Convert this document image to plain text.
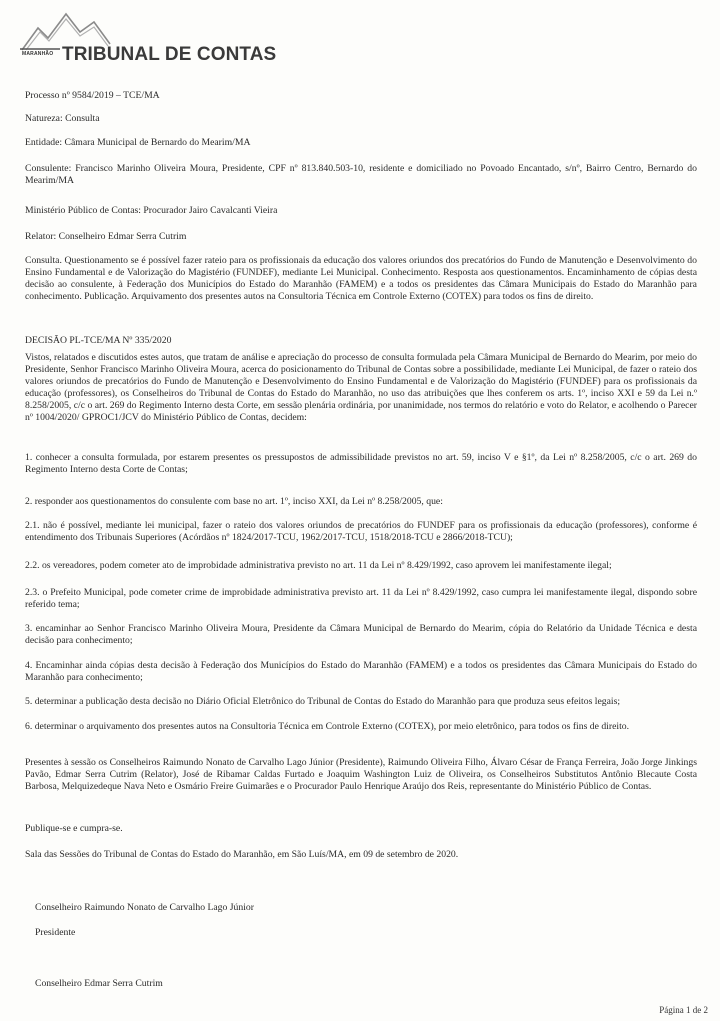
MARANHÃO TRIBUNAL DE CONTAS

Processo nº 9584/2019 – TCE/MA

Natureza: Consulta

Entidade: Câmara Municipal de Bernardo do Mearim/MA

Consulente: Francisco Marinho Oliveira Moura, Presidente, CPF nº 813.840.503-10, residente e domiciliado no Povoado Encantado, s/nº, Bairro Centro, Bernardo do Mearim/MA

Ministério Público de Contas: Procurador Jairo Cavalcanti Vieira

Relator: Conselheiro Edmar Serra Cutrim

Consulta. Questionamento se é possível fazer rateio para os profissionais da educação dos valores oriundos dos precatórios do Fundo de Manutenção e Desenvolvimento do Ensino Fundamental e de Valorização do Magistério (FUNDEF), mediante Lei Municipal. Conhecimento. Resposta aos questionamentos. Encaminhamento de cópias desta decisão ao consulente, à Federação dos Municípios do Estado do Maranhão (FAMEM) e a todos os presidentes das Câmara Municipais do Estado do Maranhão para conhecimento. Publicação. Arquivamento dos presentes autos na Consultoria Técnica em Controle Externo (COTEX) para todos os fins de direito.

DECISÃO PL-TCE/MA Nº 335/2020

Vistos, relatados e discutidos estes autos, que tratam de análise e apreciação do processo de consulta formulada pela Câmara Municipal de Bernardo do Mearim, por meio do Presidente, Senhor Francisco Marinho Oliveira Moura, acerca do posicionamento do Tribunal de Contas sobre a possibilidade, mediante Lei Municipal, de fazer o rateio dos valores oriundos de precatórios do Fundo de Manutenção e Desenvolvimento do Ensino Fundamental e de Valorização do Magistério (FUNDEF) para os profissionais da educação (professores), os Conselheiros do Tribunal de Contas do Estado do Maranhão, no uso das atribuições que lhes conferem os arts. 1º, inciso XXI e 59 da Lei n.º 8.258/2005, c/c o art. 269 do Regimento Interno desta Corte, em sessão plenária ordinária, por unanimidade, nos termos do relatório e voto do Relator, e acolhendo o Parecer nº 1004/2020/ GPROC1/JCV do Ministério Público de Contas, decidem:

1. conhecer a consulta formulada, por estarem presentes os pressupostos de admissibilidade previstos no art. 59, inciso V e §1º, da Lei nº 8.258/2005, c/c o art. 269 do Regimento Interno desta Corte de Contas;

2. responder aos questionamentos do consulente com base no art. 1º, inciso XXI, da Lei nº 8.258/2005, que:

2.1. não é possível, mediante lei municipal, fazer o rateio dos valores oriundos de precatórios do FUNDEF para os profissionais da educação (professores), conforme é entendimento dos Tribunais Superiores (Acórdãos nº 1824/2017-TCU, 1962/2017-TCU, 1518/2018-TCU e 2866/2018-TCU);

2.2. os vereadores, podem cometer ato de improbidade administrativa previsto no art. 11 da Lei nº 8.429/1992, caso aprovem lei manifestamente ilegal;

2.3. o Prefeito Municipal, pode cometer crime de improbidade administrativa previsto art. 11 da Lei nº 8.429/1992, caso cumpra lei manifestamente ilegal, dispondo sobre referido tema;

3. encaminhar ao Senhor Francisco Marinho Oliveira Moura, Presidente da Câmara Municipal de Bernardo do Mearim, cópia do Relatório da Unidade Técnica e desta decisão para conhecimento;

4. Encaminhar ainda cópias desta decisão à Federação dos Municípios do Estado do Maranhão (FAMEM) e a todos os presidentes das Câmara Municipais do Estado do Maranhão para conhecimento;

5. determinar a publicação desta decisão no Diário Oficial Eletrônico do Tribunal de Contas do Estado do Maranhão para que produza seus efeitos legais;

6. determinar o arquivamento dos presentes autos na Consultoria Técnica em Controle Externo (COTEX), por meio eletrônico, para todos os fins de direito.

Presentes à sessão os Conselheiros Raimundo Nonato de Carvalho Lago Júnior (Presidente), Raimundo Oliveira Filho, Álvaro César de França Ferreira, João Jorge Jinkings Pavão, Edmar Serra Cutrim (Relator), José de Ribamar Caldas Furtado e Joaquim Washington Luiz de Oliveira, os Conselheiros Substitutos Antônio Blecaute Costa Barbosa, Melquizedeque Nava Neto e Osmário Freire Guimarães e o Procurador Paulo Henrique Araújo dos Reis, representante do Ministério Público de Contas.

Publique-se e cumpra-se.

Sala das Sessões do Tribunal de Contas do Estado do Maranhão, em São Luís/MA, em 09 de setembro de 2020.

Conselheiro Raimundo Nonato de Carvalho Lago Júnior

Presidente

Conselheiro Edmar Serra Cutrim

Página 1 de 2
